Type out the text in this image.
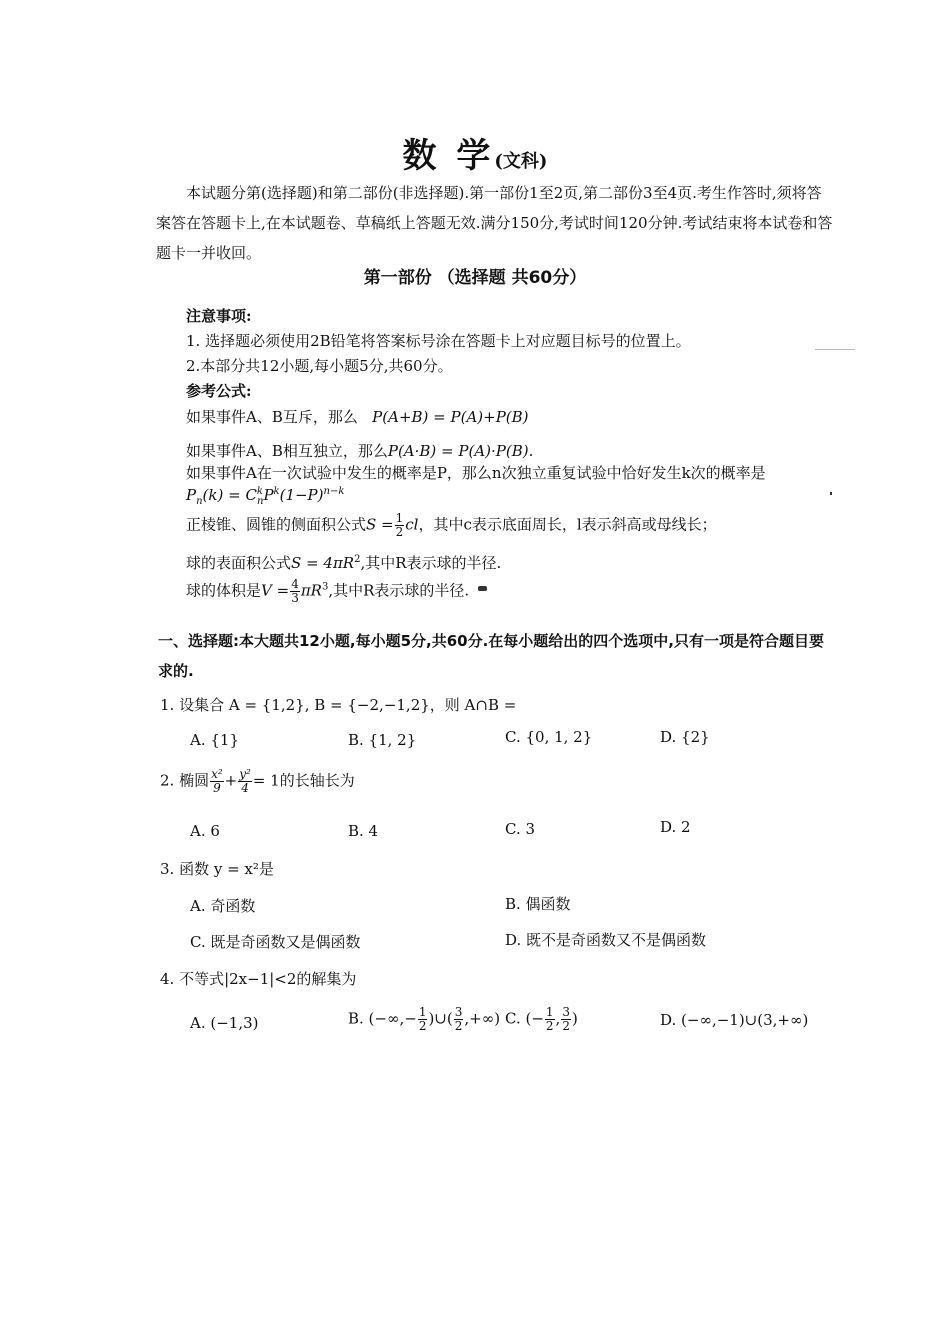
数 学(文科)
本试题分第(选择题)和第二部份(非选择题).第一部份1至2页,第二部份3至4页.考生作答时,须将答案答在答题卡上,在本试题卷、草稿纸上答题无效.满分150分,考试时间120分钟.考试结束将本试卷和答题卡一并收回。
第一部份 （选择题 共60分）
注意事项:
1. 选择题必须使用2B铅笔将答案标号涂在答题卡上对应题目标号的位置上。
2.本部分共12小题,每小题5分,共60分。
参考公式:
如果事件A、B互斥，那么 P(A+B) = P(A)+P(B)
如果事件A、B相互独立，那么P(A·B) = P(A)·P(B).
如果事件A在一次试验中发生的概率是P，那么n次独立重复试验中恰好发生k次的概率是
$P_n(k) = C^k_nP^k(1-P)^{n-k}$
正棱锥、圆锥的侧面积公式$S = \frac{1}{2}$ cl，其中c表示底面周长，l表示斜高或母线长；
球的表面积公式$S = 4\pi R^2$,其中R表示球的半径.
球的体积是$V = \frac{4}{3} \pi R^3$,其中R表示球的半径.
一、选择题:本大题共12小题,每小题5分,共60分.在每小题给出的四个选项中,只有一项是符合题目要求的.
1. 设集合 A = {1,2}, B = {−2,−1,2}，则 A∩B =
A. {1}	B. {1, 2}	C. {0, 1, 2}	D. {2}
2. 椭圆 $\frac{\text{x²}}{9} + \frac{\text{y²}}{4} = 1$的长轴长为
A. 6	B. 4	C. 3	D. 2
3. 函数 y = x²是
A. 奇函数	B. 偶函数
C. 既是奇函数又是偶函数	D. 既不是奇函数又不是偶函数
4. 不等式|2x−1|<2的解集为
A. (−1,3)	B. (−∞,− $\frac{1}{2}$ )∪( $\frac{3}{2}$ ,+∞) C. (− $\frac{1}{2}$ , $\frac{3}{2}$ )	D. (−∞,−1)∪(3,+∞)
